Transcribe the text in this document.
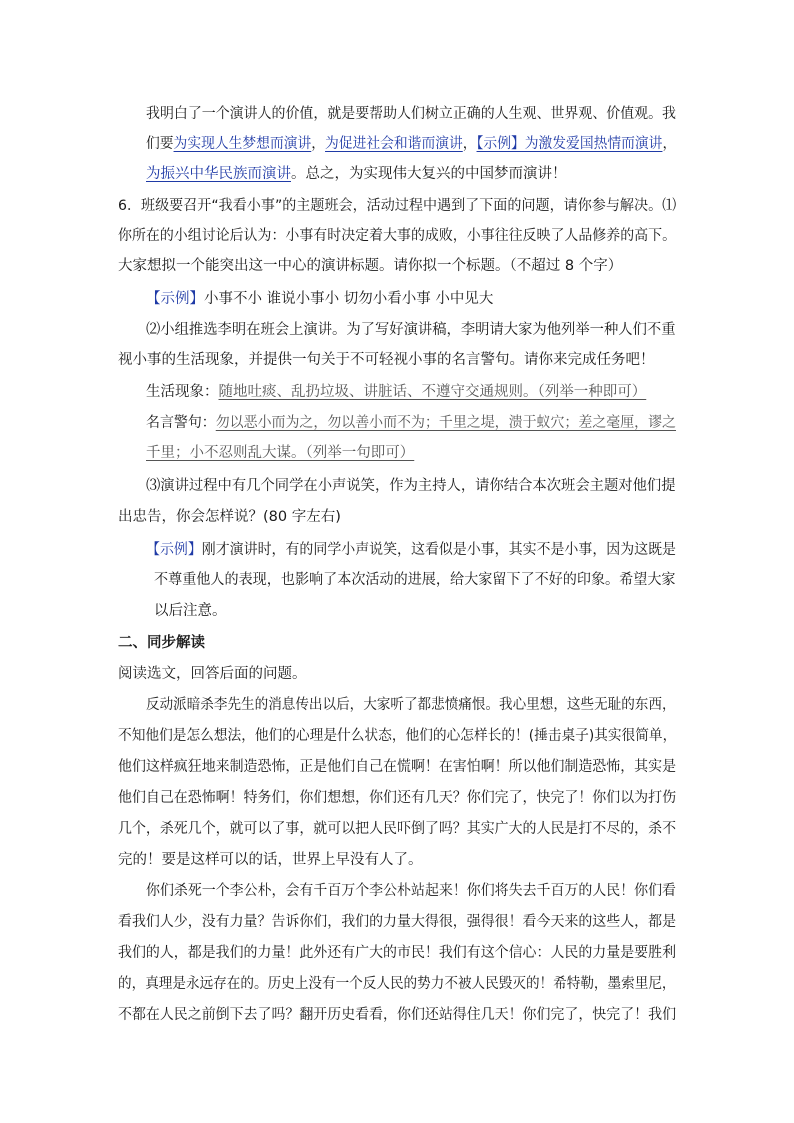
我明白了一个演讲人的价值，就是要帮助人们树立正确的人生观、世界观、价值观。我
们要为实现人生梦想而演讲，为促进社会和谐而演讲，【示例】为激发爱国热情而演讲，
为振兴中华民族而演讲。总之，为实现伟大复兴的中国梦而演讲！
6．班级要召开“我看小事”的主题班会，活动过程中遇到了下面的问题，请你参与解决。⑴
你所在的小组讨论后认为：小事有时决定着大事的成败，小事往往反映了人品修养的高下。
大家想拟一个能突出这一中心的演讲标题。请你拟一个标题。（不超过 8 个字）
【示例】小事不小 谁说小事小 切勿小看小事 小中见大
⑵小组推选李明在班会上演讲。为了写好演讲稿，李明请大家为他列举一种人们不重
视小事的生活现象，并提供一句关于不可轻视小事的名言警句。请你来完成任务吧！
生活现象：随地吐痰、乱扔垃圾、讲脏话、不遵守交通规则。（列举一种即可）
名言警句：勿以恶小而为之，勿以善小而不为；千里之堤，溃于蚁穴；差之毫厘，谬之
千里；小不忍则乱大谋。（列举一句即可）
⑶演讲过程中有几个同学在小声说笑，作为主持人，请你结合本次班会主题对他们提
出忠告，你会怎样说？(80 字左右)
【示例】刚才演讲时，有的同学小声说笑，这看似是小事，其实不是小事，因为这既是
不尊重他人的表现，也影响了本次活动的进展，给大家留下了不好的印象。希望大家
以后注意。
二、同步解读
阅读选文，回答后面的问题。
反动派暗杀李先生的消息传出以后，大家听了都悲愤痛恨。我心里想，这些无耻的东西，
不知他们是怎么想法，他们的心理是什么状态，他们的心怎样长的！(捶击桌子)其实很简单，
他们这样疯狂地来制造恐怖，正是他们自己在慌啊！在害怕啊！所以他们制造恐怖，其实是
他们自己在恐怖啊！特务们，你们想想，你们还有几天？你们完了，快完了！你们以为打伤
几个，杀死几个，就可以了事，就可以把人民吓倒了吗？其实广大的人民是打不尽的，杀不
完的！要是这样可以的话，世界上早没有人了。
你们杀死一个李公朴，会有千百万个李公朴站起来！你们将失去千百万的人民！你们看
看我们人少，没有力量？告诉你们，我们的力量大得很，强得很！看今天来的这些人，都是
我们的人，都是我们的力量！此外还有广大的市民！我们有这个信心：人民的力量是要胜利
的，真理是永远存在的。历史上没有一个反人民的势力不被人民毁灭的！希特勒，墨索里尼，
不都在人民之前倒下去了吗？翻开历史看看，你们还站得住几天！你们完了，快完了！我们
